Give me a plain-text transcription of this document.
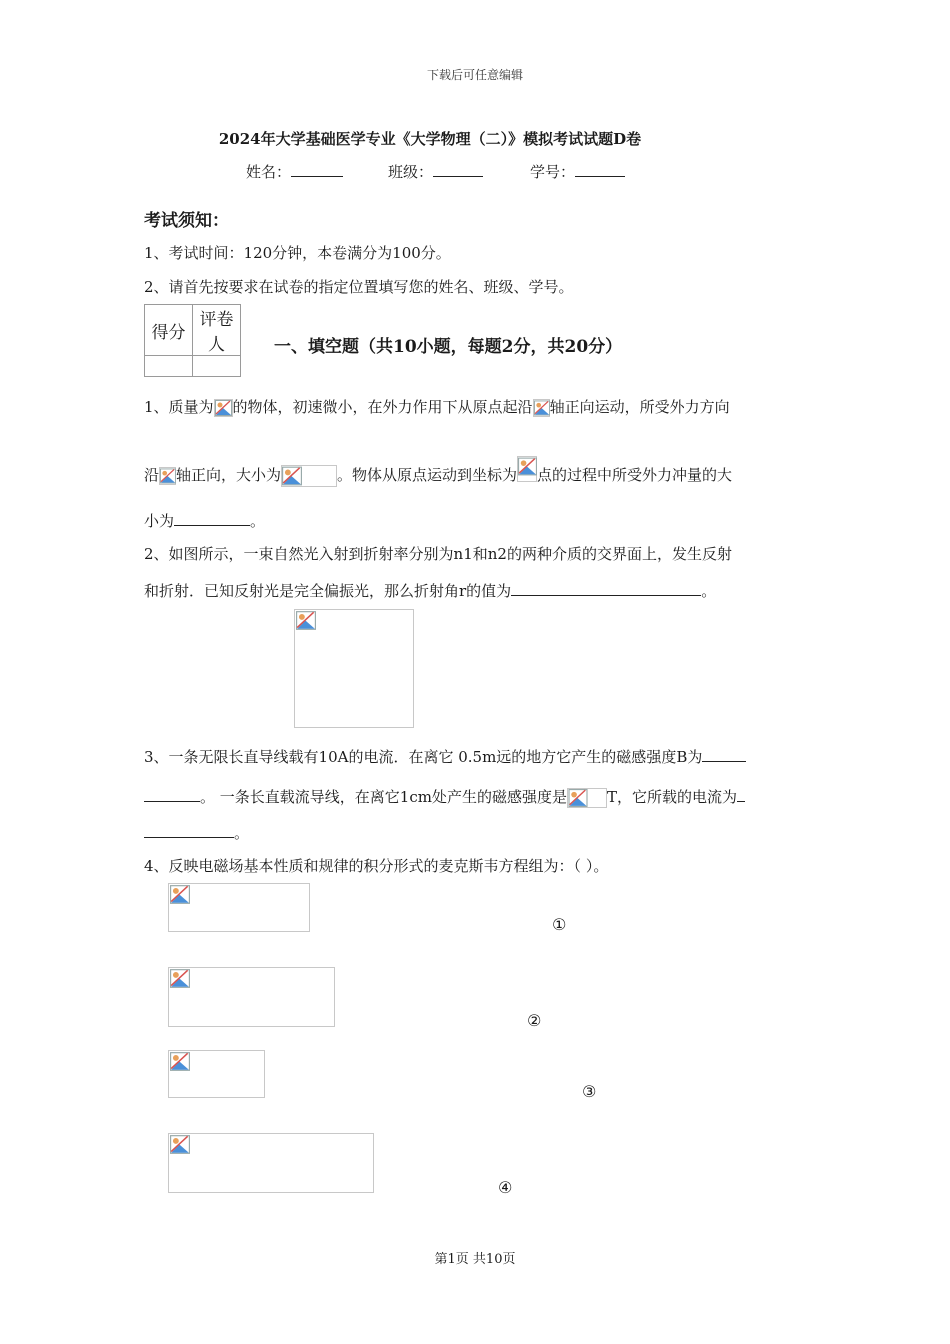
下载后可任意编辑
2024年大学基础医学专业《大学物理（二）》模拟考试试题D卷
姓名：	班级：	学号：
考试须知：
1、考试时间：120分钟，本卷满分为100分。
2、请首先按要求在试卷的指定位置填写您的姓名、班级、学号。
得分	评卷人
		一、填空题（共10小题，每题2分，共20分）
1、质量为 的物体，初速微小，在外力作用下从原点起沿 轴正向运动，所受外力方向
沿 轴正向，大小为	。物体从原点运动到坐标为 点的过程中所受外力冲量的大
小为	。
2、如图所示，一束自然光入射到折射率分别为n1和n2的两种介质的交界面上，发生反射
和折射．已知反射光是完全偏振光，那么折射角r的值为	。
3、一条无限长直导线载有10A的电流．在离它 0.5m远的地方它产生的磁感强度B为
。 一条长直载流导线，在离它1cm处产生的磁感强度是	T，它所载的电流为
。
4、反映电磁场基本性质和规律的积分形式的麦克斯韦方程组为：（ ）。
①
②
③
④
第1页 共10页
